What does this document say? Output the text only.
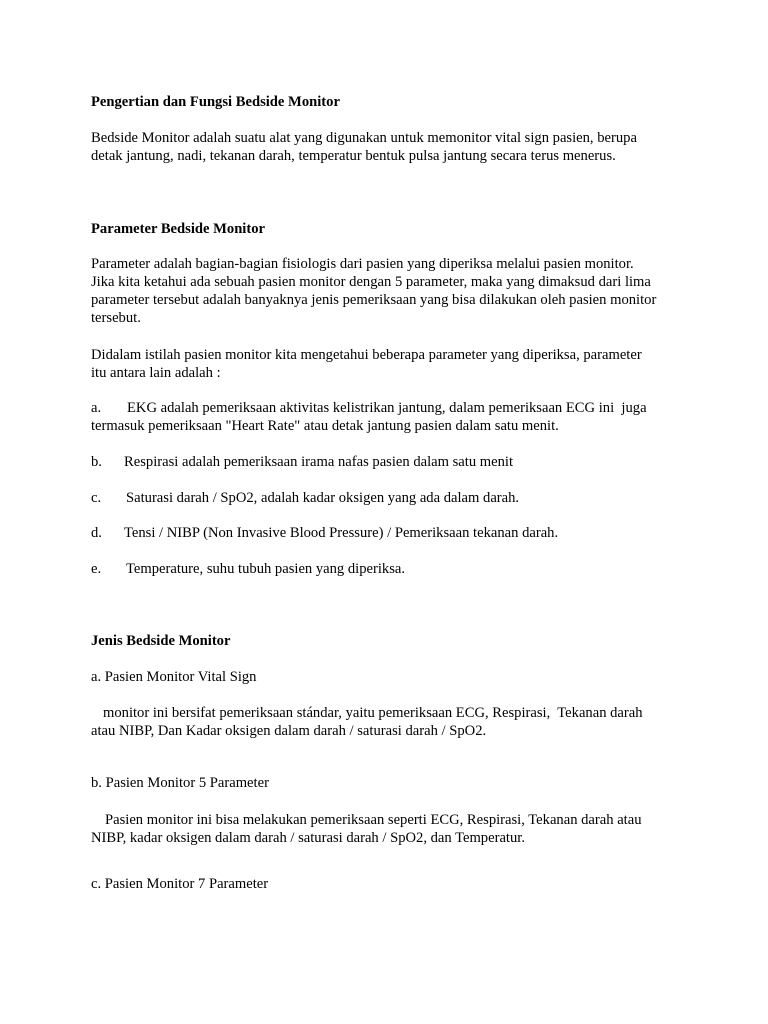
Pengertian dan Fungsi Bedside Monitor
Bedside Monitor adalah suatu alat yang digunakan untuk memonitor vital sign pasien, berupa
detak jantung, nadi, tekanan darah, temperatur bentuk pulsa jantung secara terus menerus.
Parameter Bedside Monitor
Parameter adalah bagian-bagian fisiologis dari pasien yang diperiksa melalui pasien monitor.
Jika kita ketahui ada sebuah pasien monitor dengan 5 parameter, maka yang dimaksud dari lima
parameter tersebut adalah banyaknya jenis pemeriksaan yang bisa dilakukan oleh pasien monitor
tersebut.
Didalam istilah pasien monitor kita mengetahui beberapa parameter yang diperiksa, parameter
itu antara lain adalah :
a.	EKG adalah pemeriksaan aktivitas kelistrikan jantung, dalam pemeriksaan ECG ini  juga
termasuk pemeriksaan "Heart Rate" atau detak jantung pasien dalam satu menit.
b.	Respirasi adalah pemeriksaan irama nafas pasien dalam satu menit
c.	Saturasi darah / SpO2, adalah kadar oksigen yang ada dalam darah.
d.	Tensi / NIBP (Non Invasive Blood Pressure) / Pemeriksaan tekanan darah.
e.	Temperature, suhu tubuh pasien yang diperiksa.
Jenis Bedside Monitor
a. Pasien Monitor Vital Sign
monitor ini bersifat pemeriksaan stándar, yaitu pemeriksaan ECG, Respirasi,  Tekanan darah
atau NIBP, Dan Kadar oksigen dalam darah / saturasi darah / SpO2.
b. Pasien Monitor 5 Parameter
Pasien monitor ini bisa melakukan pemeriksaan seperti ECG, Respirasi, Tekanan darah atau
NIBP, kadar oksigen dalam darah / saturasi darah / SpO2, dan Temperatur.
c. Pasien Monitor 7 Parameter
